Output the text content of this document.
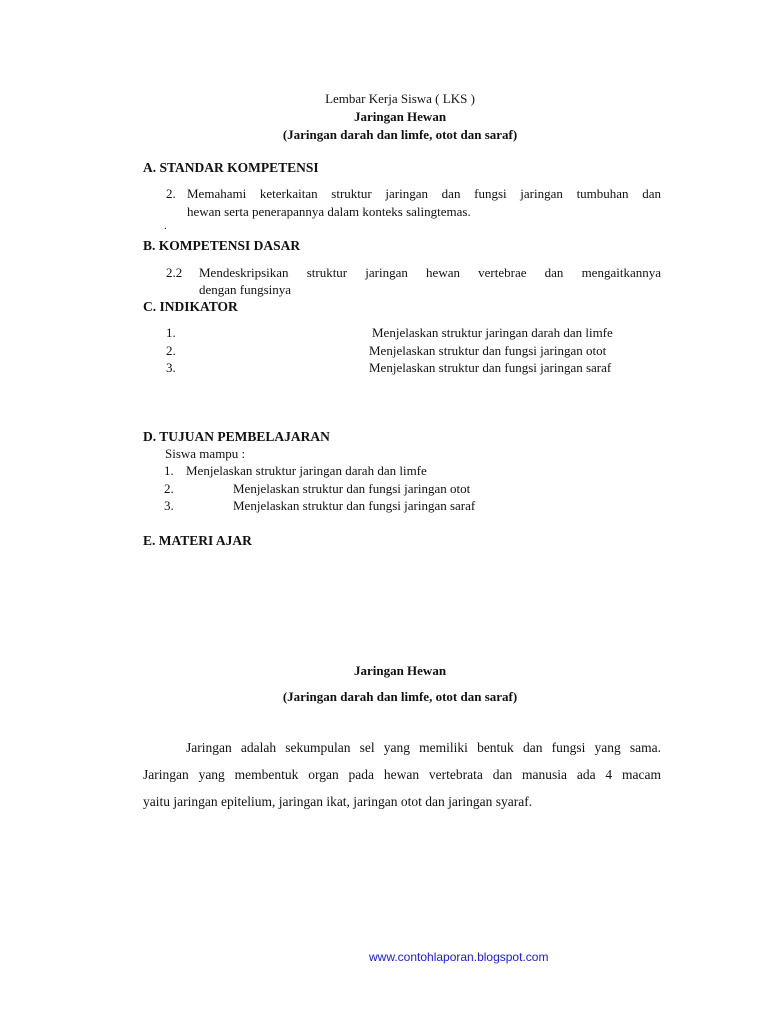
Lembar Kerja Siswa ( LKS )
Jaringan Hewan
(Jaringan darah dan limfe, otot dan saraf)
A. STANDAR KOMPETENSI
2. Memahami keterkaitan struktur jaringan dan fungsi jaringan tumbuhan dan
hewan serta penerapannya dalam konteks salingtemas.
.
B. KOMPETENSI DASAR
2.2 Mendeskripsikan struktur jaringan hewan vertebrae dan mengaitkannya
dengan fungsinya
C. INDIKATOR
1.	Menjelaskan struktur jaringan darah dan limfe
2.	Menjelaskan struktur dan fungsi jaringan otot
3.	Menjelaskan struktur dan fungsi jaringan saraf
D. TUJUAN PEMBELAJARAN
Siswa mampu :
1. Menjelaskan struktur jaringan darah dan limfe
2.	Menjelaskan struktur dan fungsi jaringan otot
3.	Menjelaskan struktur dan fungsi jaringan saraf
E. MATERI AJAR
Jaringan Hewan
(Jaringan darah dan limfe, otot dan saraf)
Jaringan adalah sekumpulan sel yang memiliki bentuk dan fungsi yang sama.
Jaringan yang membentuk organ pada hewan vertebrata dan manusia ada 4 macam
yaitu jaringan epitelium, jaringan ikat, jaringan otot dan jaringan syaraf.
www.contohlaporan.blogspot.com
